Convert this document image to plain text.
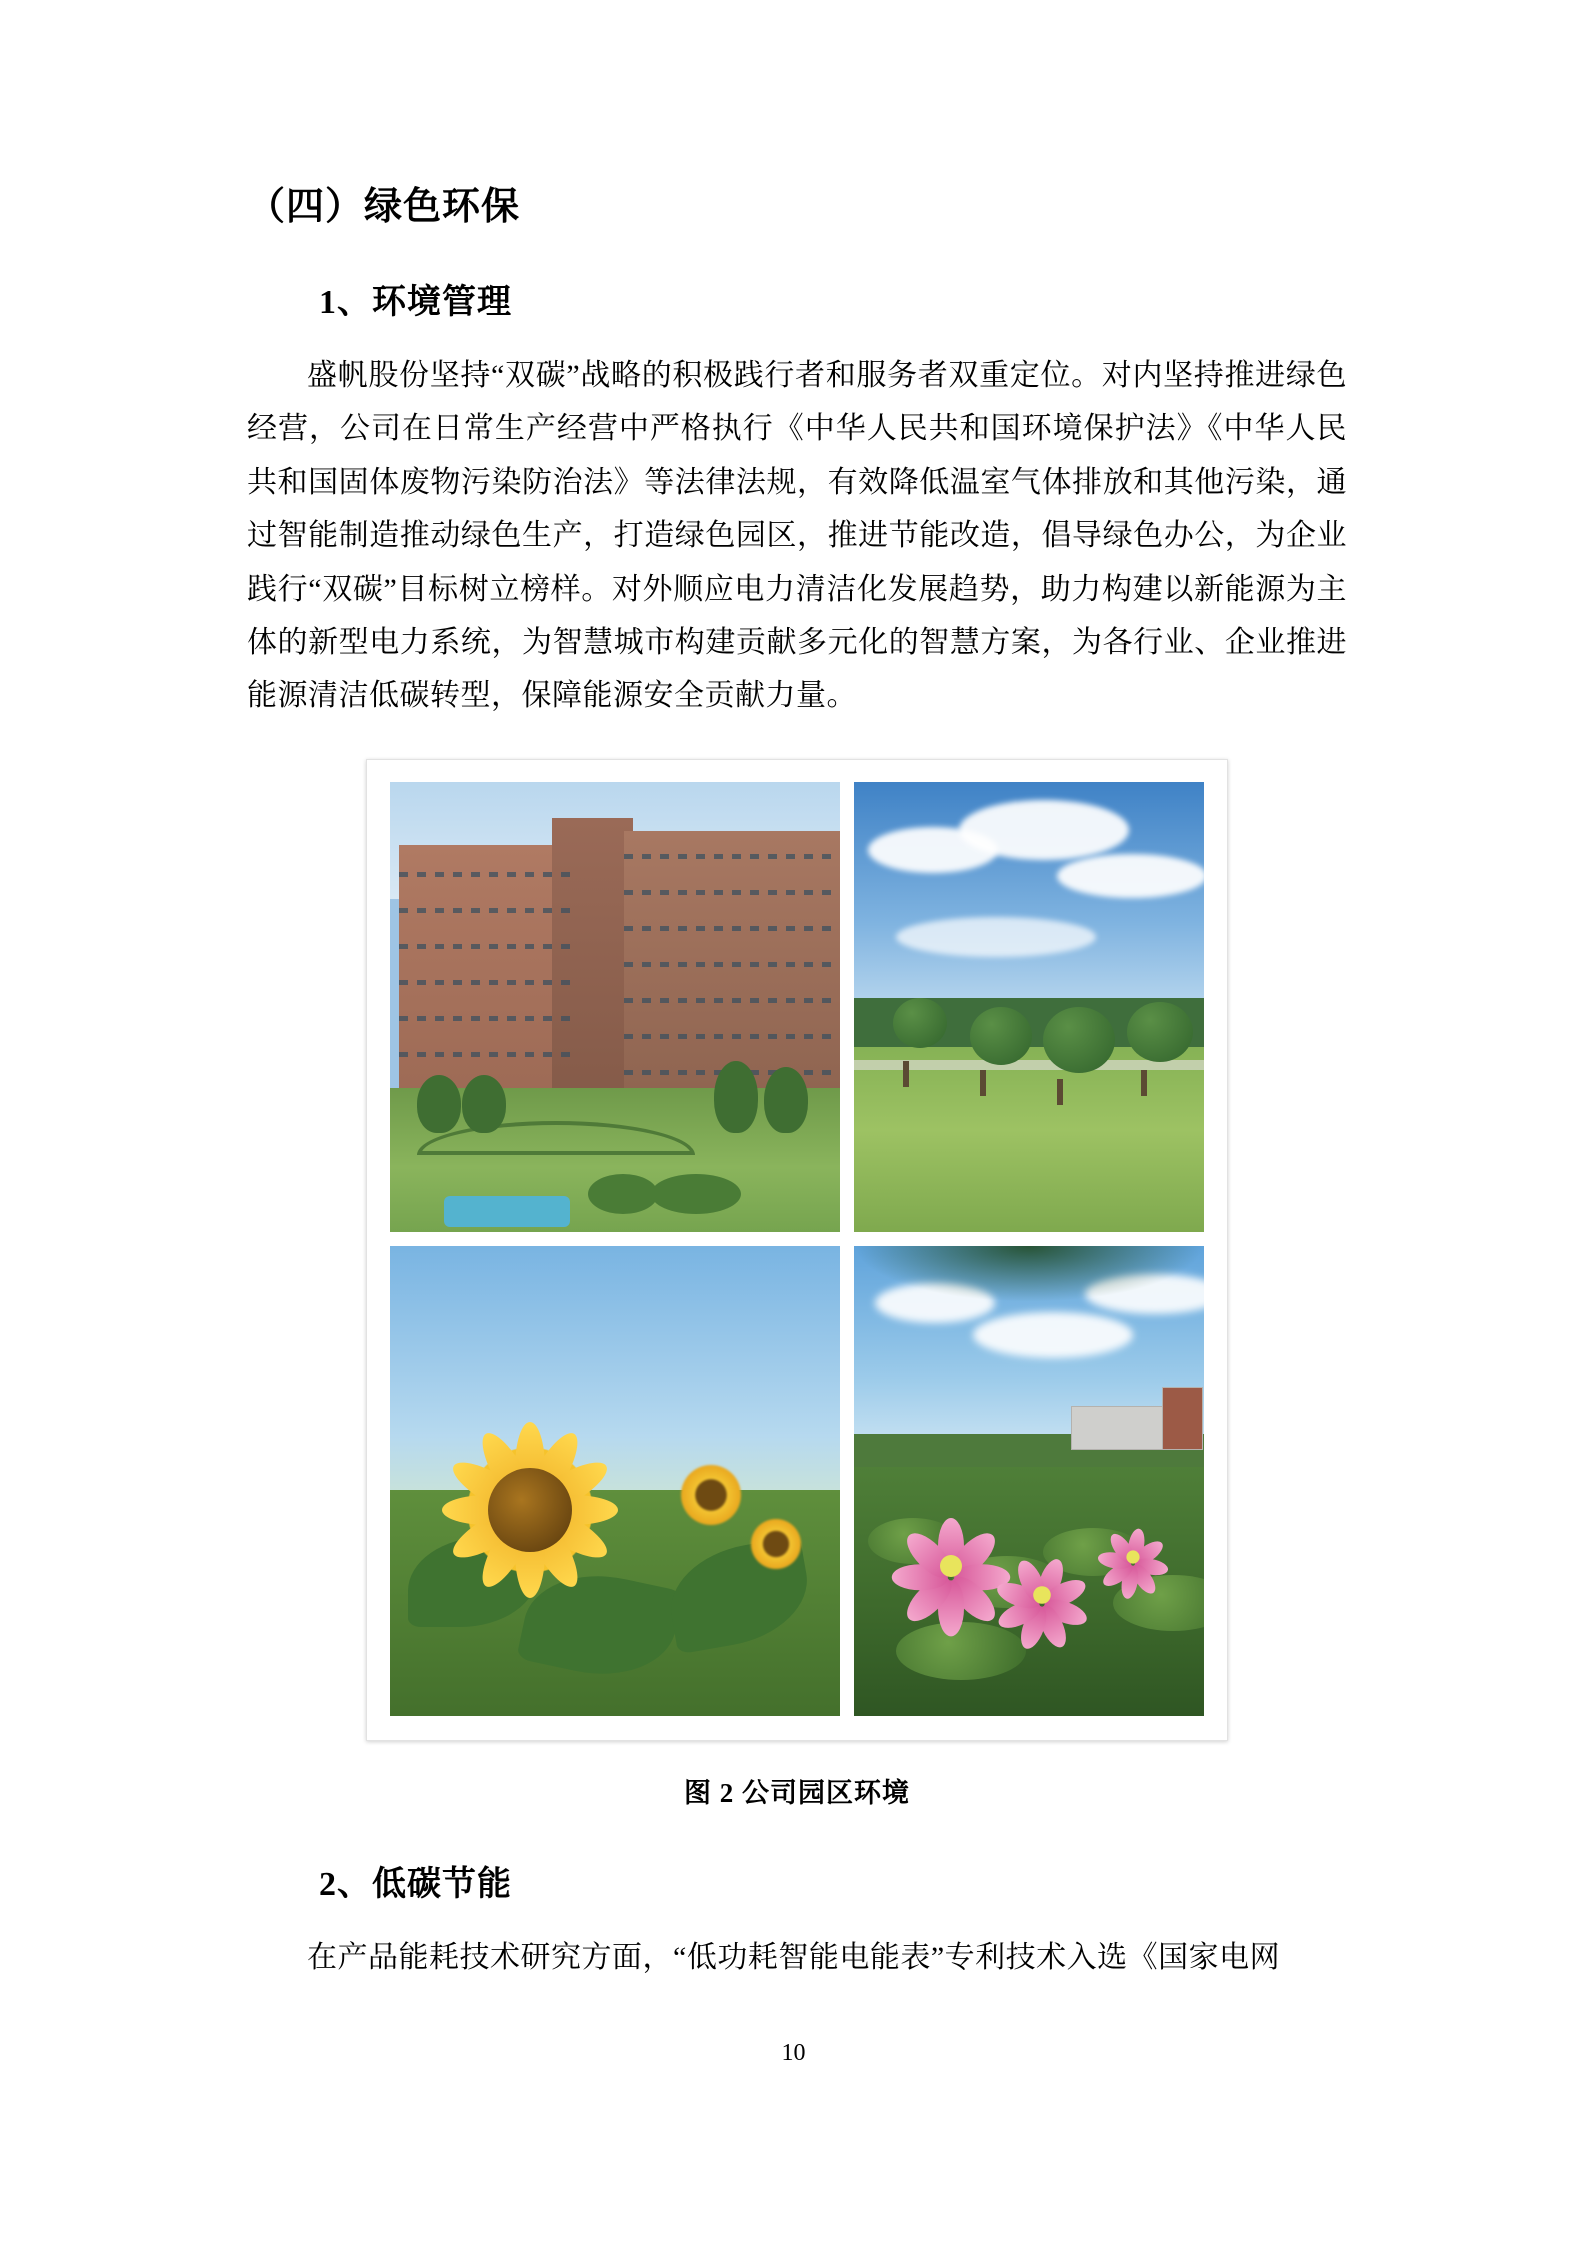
（四）绿色环保
1、环境管理

盛帆股份坚持“双碳”战略的积极践行者和服务者双重定位。对内坚持推进绿色经营，公司在日常生产经营中严格执行《中华人民共和国环境保护法》《中华人民共和国固体废物污染防治法》等法律法规，有效降低温室气体排放和其他污染，通过智能制造推动绿色生产，打造绿色园区，推进节能改造，倡导绿色办公，为企业践行“双碳”目标树立榜样。对外顺应电力清洁化发展趋势，助力构建以新能源为主体的新型电力系统，为智慧城市构建贡献多元化的智慧方案，为各行业、企业推进能源清洁低碳转型，保障能源安全贡献力量。

图 2 公司园区环境
2、低碳节能

在产品能耗技术研究方面，“低功耗智能电能表”专利技术入选《国家电网

10
